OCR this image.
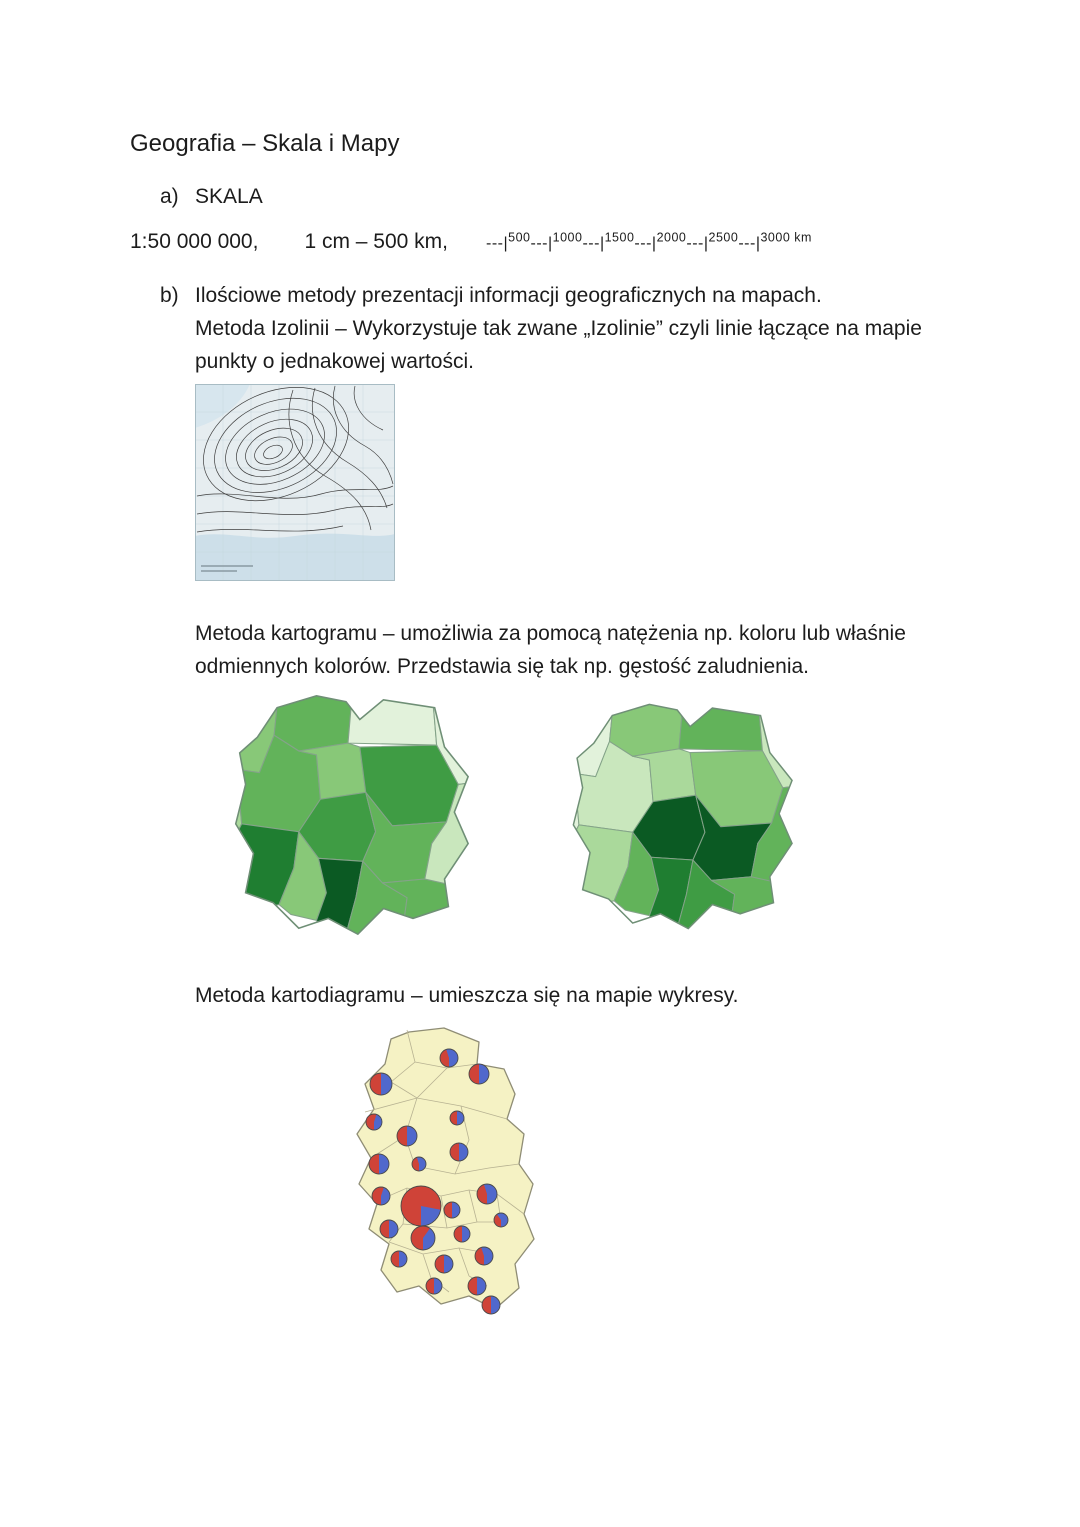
Geografia – Skala i Mapy
a) SKALA
1:50 000 000, 1 cm – 500 km, $---|^{500}---|^{1000}---|^{1500}---|^{2000}---|^{2500}---|^{3000 km}$
b) Ilościowe metody prezentacji informacji geograficznych na mapach.

Metoda Izolinii – Wykorzystuje tak zwane „Izolinie” czyli linie łączące na mapie punkty o jednakowej wartości.

Metoda kartogramu – umożliwia za pomocą natężenia np. koloru lub właśnie odmiennych kolorów. Przedstawia się tak np. gęstość zaludnienia.

Metoda kartodiagramu – umieszcza się na mapie wykresy.
